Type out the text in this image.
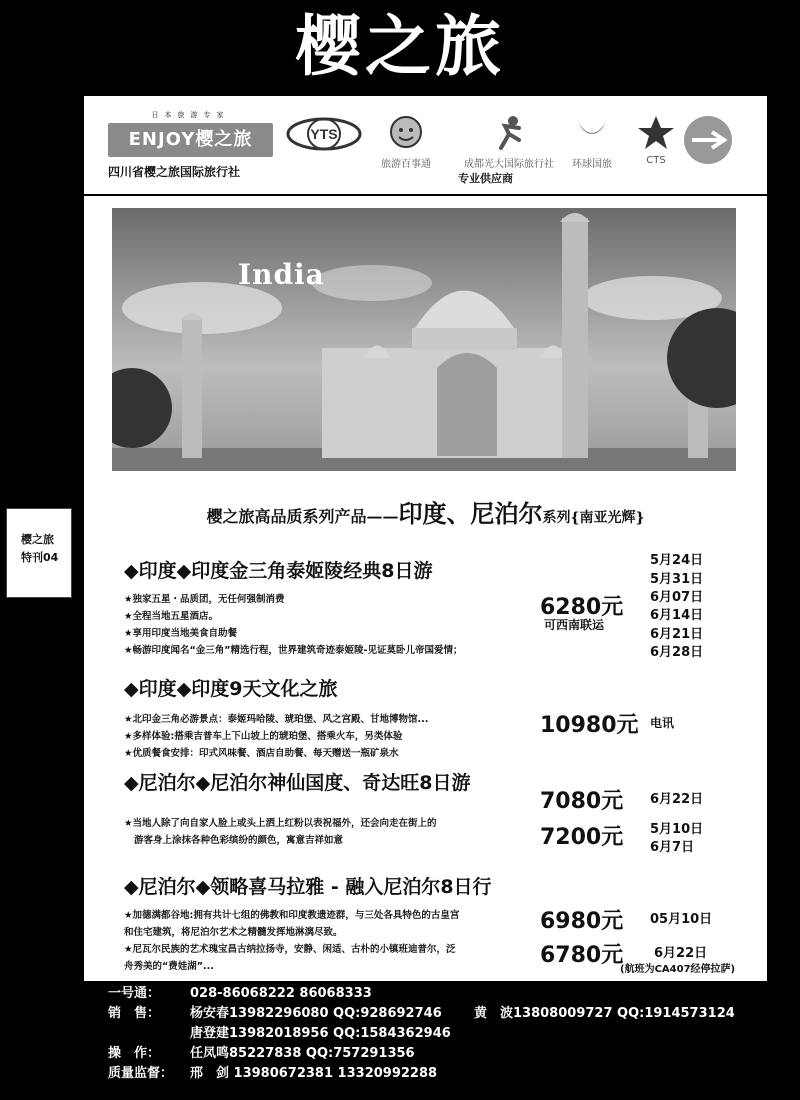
樱之旅
樱之旅
特刊04
日本旅游专家
ENJOY樱之旅
四川省樱之旅国际旅行社
YTS
旅游百事通	成都光大国际旅行社	环球国旅	CTS
专业供应商
India
樱之旅高品质系列产品——印度、尼泊尔系列{南亚光辉}
◆印度◆印度金三角泰姬陵经典8日游
★独家五星・品质团，无任何强制消费
★全程当地五星酒店。
★享用印度当地美食自助餐
★畅游印度闻名“金三角”精选行程，世界建筑奇迹泰姬陵-见证莫卧儿帝国爱情；
6280元
可西南联运
5月24日
5月31日
6月07日
6月14日
6月21日
6月28日
◆印度◆印度9天文化之旅
★北印金三角必游景点：泰姬玛哈陵、琥珀堡、风之宫殿、甘地博物馆...
★多样体验:搭乘吉普车上下山坡上的琥珀堡、搭乘火车，另类体验
★优质餐食安排：印式风味餐、酒店自助餐、每天赠送一瓶矿泉水
10980元 电讯
◆尼泊尔◆尼泊尔神仙国度、奇达旺8日游
★当地人除了向自家人脸上或头上洒上红粉以表祝福外，还会向走在街上的
游客身上涂抹各种色彩缤纷的颜色，寓意吉祥如意
7080元 6月22日
7200元 5月10日
6月7日
◆尼泊尔◆领略喜马拉雅 - 融入尼泊尔8日行
★加德满都谷地:拥有共计七组的佛教和印度教遗迹群，与三处各具特色的古皇宫
和住宅建筑，将尼泊尔艺术之精髓发挥地淋漓尽致。
★尼瓦尔民族的艺术瑰宝昌古纳拉扬寺，安静、闲适、古朴的小镇班迪普尔，泛
舟秀美的“费娃湖”...
6980元 05月10日
6780元 6月22日
(航班为CA407经停拉萨)
一号通： 028-86068222 86068333
销　售： 杨安春13982296080 QQ:928692746 黄　波13808009727 QQ:1914573124
唐登建13982018956 QQ:1584362946
操　作： 任凤鸣85227838 QQ:757291356
质量监督： 邢　剑 13980672381 13320992288
